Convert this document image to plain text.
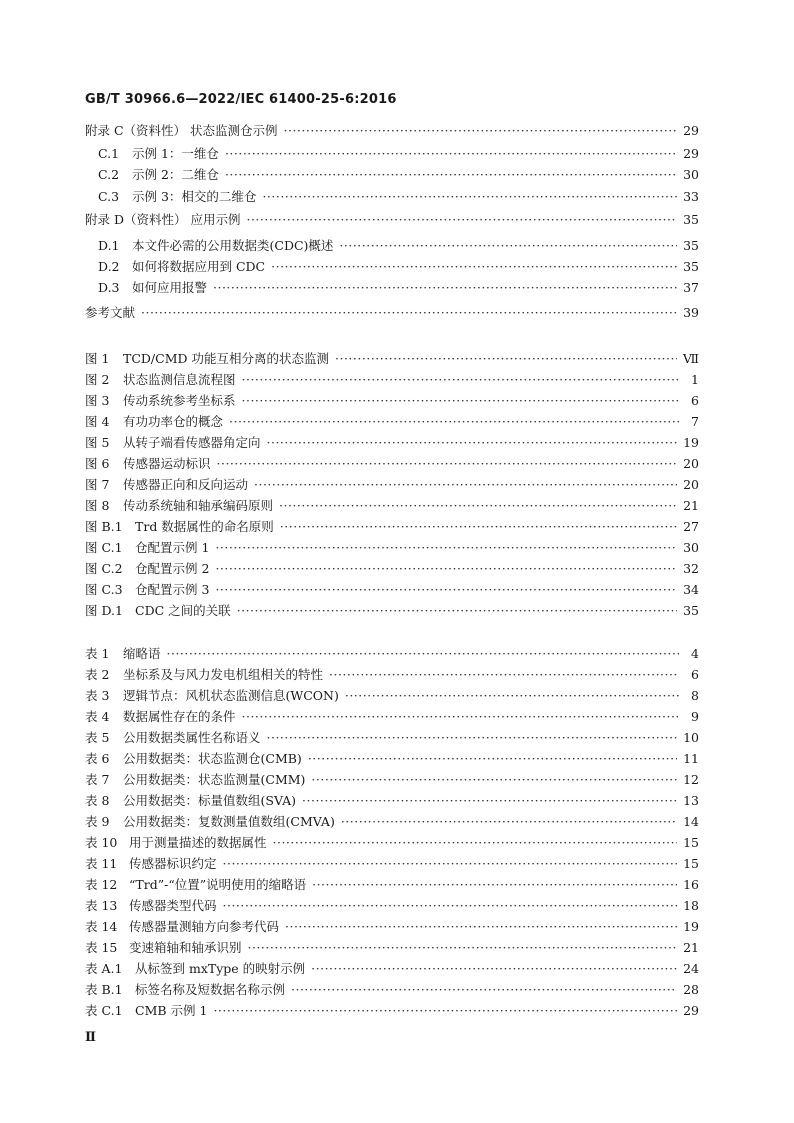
GB/T 30966.6—2022/IEC 61400-25-6:2016
附录 C（资料性） 状态监测仓示例 ·····	29
C.1	示例 1：一维仓 ·····	29
C.2	示例 2：二维仓 ·····	30
C.3	示例 3：相交的二维仓 ·····	33
附录 D（资料性） 应用示例 ·····	35
D.1 本文件必需的公用数据类(CDC)概述 ·····	35
D.2 如何将数据应用到 CDC ·····	35
D.3 如何应用报警 ·····	37
参考文献 ·····	39
图 1	TCD/CMD 功能互相分离的状态监测 ·····	Ⅶ
图 2	状态监测信息流程图 ·····	1
图 3	传动系统参考坐标系 ·····	6
图 4	有功功率仓的概念 ·····	7
图 5	从转子端看传感器角定向 ·····	19
图 6	传感器运动标识 ·····	20
图 7	传感器正向和反向运动 ·····	20
图 8	传动系统轴和轴承编码原则 ·····	21
图 B.1 Trd 数据属性的命名原则 ·····	27
图 C.1 仓配置示例 1 ·····	30
图 C.2 仓配置示例 2 ·····	32
图 C.3 仓配置示例 3 ·····	34
图 D.1 CDC 之间的关联 ·····	35
表 1	缩略语 ·····	4
表 2	坐标系及与风力发电机组相关的特性 ·····	6
表 3	逻辑节点：风机状态监测信息(WCON) ·····	8
表 4	数据属性存在的条件 ·····	9
表 5	公用数据类属性名称语义 ·····	10
表 6	公用数据类：状态监测仓(CMB) ·····	11
表 7	公用数据类：状态监测量(CMM) ·····	12
表 8	公用数据类：标量值数组(SVA) ·····	13
表 9	公用数据类：复数测量值数组(CMVA) ·····	14
表 10 用于测量描述的数据属性 ·····	15
表 11 传感器标识约定 ·····	15
表 12 “Trd”-“位置”说明使用的缩略语 ·····	16
表 13 传感器类型代码 ·····	18
表 14 传感器量测轴方向参考代码 ·····	19
表 15 变速箱轴和轴承识别 ·····	21
表 A.1	从标签到 mxType 的映射示例 ·····	24
表 B.1 标签名称及短数据名称示例 ·····	28
表 C.1 CMB 示例 1 ·····	29
Ⅱ
